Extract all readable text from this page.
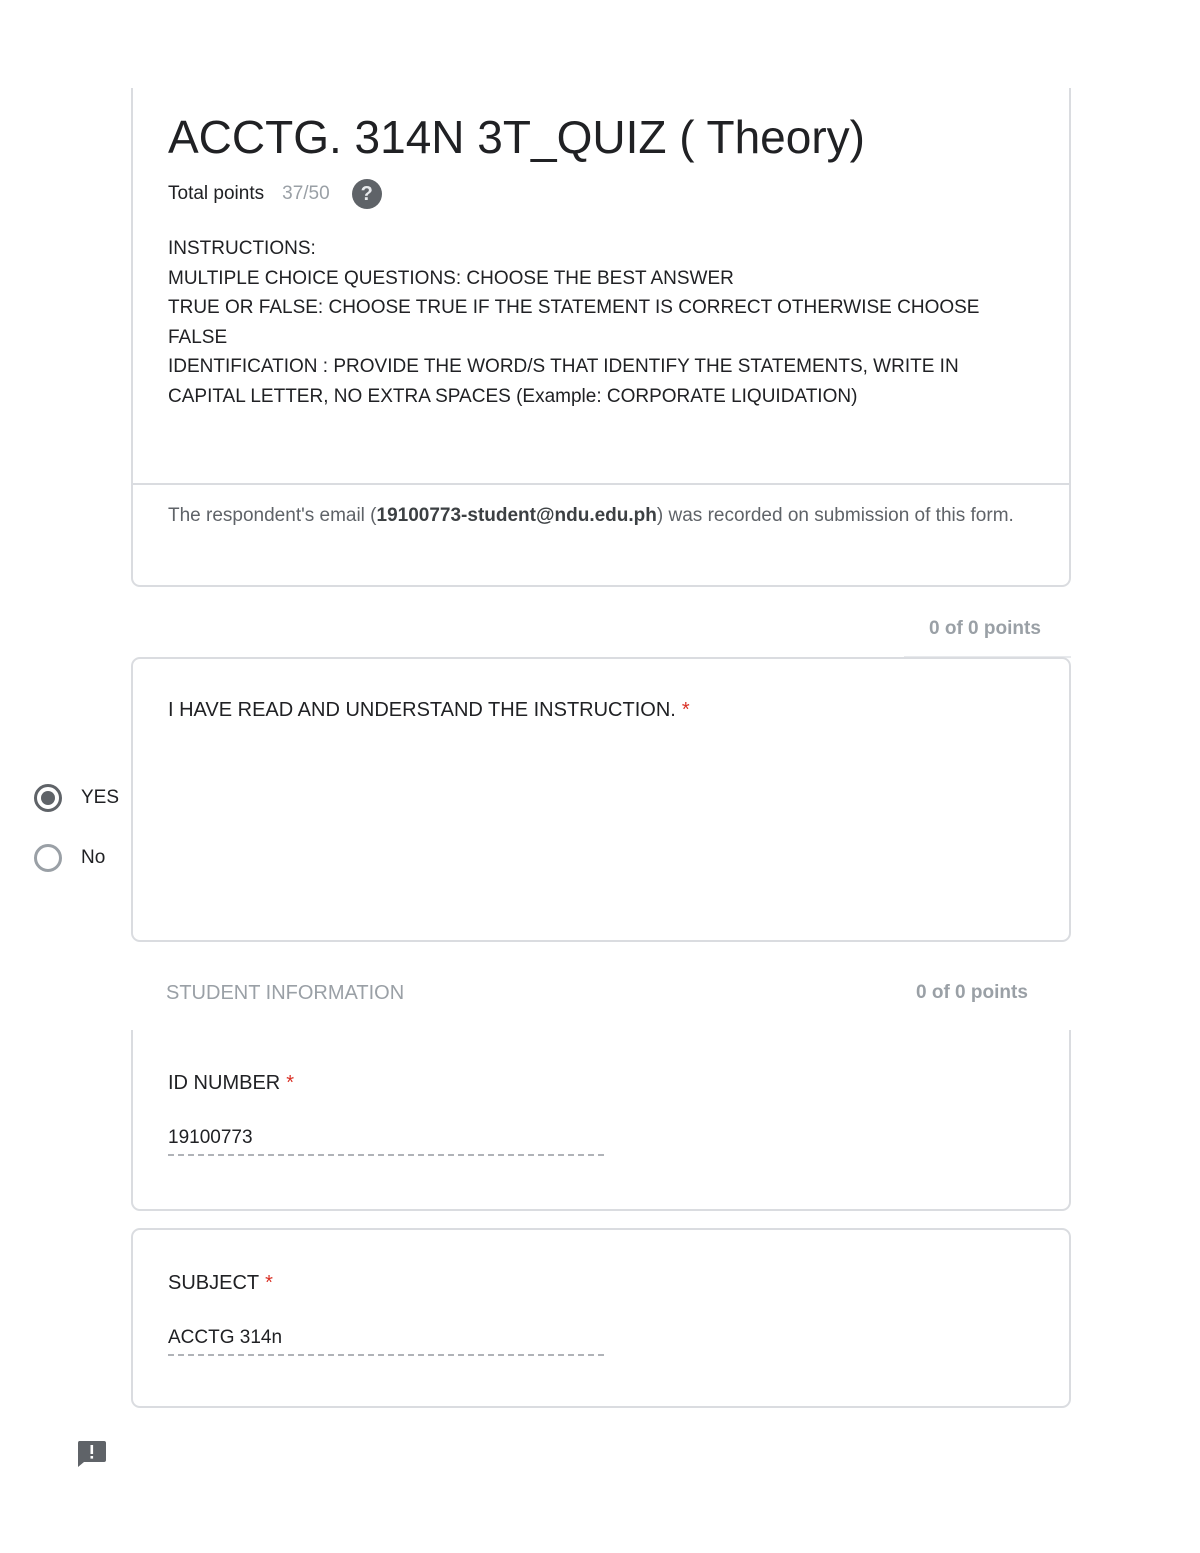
ACCTG. 314N 3T_QUIZ ( Theory)
Total points 37/50	?
INSTRUCTIONS:
MULTIPLE CHOICE QUESTIONS: CHOOSE THE BEST ANSWER
TRUE OR FALSE: CHOOSE TRUE IF THE STATEMENT IS CORRECT OTHERWISE CHOOSE FALSE
IDENTIFICATION : PROVIDE THE WORD/S THAT IDENTIFY THE STATEMENTS, WRITE IN CAPITAL LETTER, NO EXTRA SPACES (Example: CORPORATE LIQUIDATION)
The respondent's email (19100773-student@ndu.edu.ph) was recorded on submission of this form.
0 of 0 points
I HAVE READ AND UNDERSTAND THE INSTRUCTION. *
YES
No
STUDENT INFORMATION	0 of 0 points
ID NUMBER *
19100773
SUBJECT *
ACCTG 314n
